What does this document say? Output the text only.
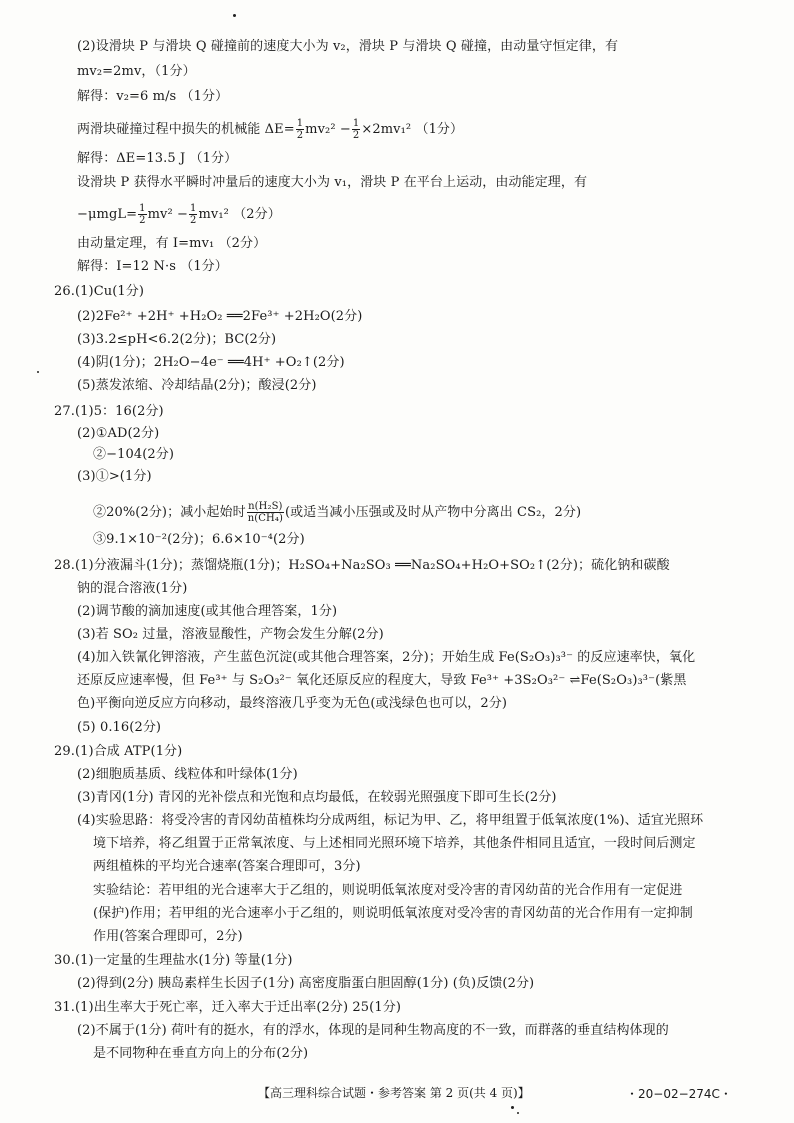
(2)设滑块 P 与滑块 Q 碰撞前的速度大小为 v₂，滑块 P 与滑块 Q 碰撞，由动量守恒定律，有
mv₂=2mv，（1分）
解得：v₂=6 m/s （1分）
两滑块碰撞过程中损失的机械能 $\Delta E= \frac{1}{2} mv_2^2 - \frac{1}{2} \times 2mv_1^2$ （1分）
解得：ΔE=13.5 J （1分）
设滑块 P 获得水平瞬时冲量后的速度大小为 v₁，滑块 P 在平台上运动，由动能定理，有
$-\mu mgL= \frac{1}{2} mv^2 - \frac{1}{2} mv_1^2$ （2分）
由动量定理，有 I=mv₁ （2分）
解得：I=12 N·s （1分）
26.(1)Cu(1分)
(2)2Fe²⁺ +2H⁺ +H₂O₂ ══2Fe³⁺ +2H₂O(2分)
(3)3.2≤pH<6.2(2分)；BC(2分)
(4)阴(1分)；2H₂O−4e⁻ ══4H⁺ +O₂↑(2分)
(5)蒸发浓缩、冷却结晶(2分)；酸浸(2分)
27.(1)5：16(2分)
(2)①AD(2分)
②−104(2分)
(3)①>(1分)
②20%(2分)；减小起始时 $\frac{\text{n(H₂S)}}{\text{n(CH₄)}}$ (或适当减小压强或及时从产物中分离出 CS₂，2分)
③9.1×10⁻²(2分)；6.6×10⁻⁴(2分)
28.(1)分液漏斗(1分)；蒸馏烧瓶(1分)；H₂SO₄+Na₂SO₃ ══Na₂SO₄+H₂O+SO₂↑(2分)；硫化钠和碳酸
钠的混合溶液(1分)
(2)调节酸的滴加速度(或其他合理答案，1分)
(3)若 SO₂ 过量，溶液显酸性，产物会发生分解(2分)
(4)加入铁氰化钾溶液，产生蓝色沉淀(或其他合理答案，2分)；开始生成 Fe(S₂O₃)₃³⁻ 的反应速率快，氧化
还原反应速率慢，但 Fe³⁺ 与 S₂O₃²⁻ 氧化还原反应的程度大，导致 Fe³⁺ +3S₂O₃²⁻ ⇌Fe(S₂O₃)₃³⁻(紫黑
色)平衡向逆反应方向移动，最终溶液几乎变为无色(或浅绿色也可以，2分)
(5) 0.16(2分)
29.(1)合成 ATP(1分)
(2)细胞质基质、线粒体和叶绿体(1分)
(3)青冈(1分) 青冈的光补偿点和光饱和点均最低，在较弱光照强度下即可生长(2分)
(4)实验思路：将受冷害的青冈幼苗植株均分成两组，标记为甲、乙，将甲组置于低氧浓度(1%)、适宜光照环
境下培养，将乙组置于正常氧浓度、与上述相同光照环境下培养，其他条件相同且适宜，一段时间后测定
两组植株的平均光合速率(答案合理即可，3分)
实验结论：若甲组的光合速率大于乙组的，则说明低氧浓度对受冷害的青冈幼苗的光合作用有一定促进
(保护)作用；若甲组的光合速率小于乙组的，则说明低氧浓度对受冷害的青冈幼苗的光合作用有一定抑制
作用(答案合理即可，2分)
30.(1)一定量的生理盐水(1分) 等量(1分)
(2)得到(2分) 胰岛素样生长因子(1分) 高密度脂蛋白胆固醇(1分) (负)反馈(2分)
31.(1)出生率大于死亡率，迁入率大于迁出率(2分) 25(1分)
(2)不属于(1分) 荷叶有的挺水，有的浮水，体现的是同种生物高度的不一致，而群落的垂直结构体现的
是不同物种在垂直方向上的分布(2分)
【高三理科综合试题・参考答案 第 2 页(共 4 页)】	・20−02−274C・
